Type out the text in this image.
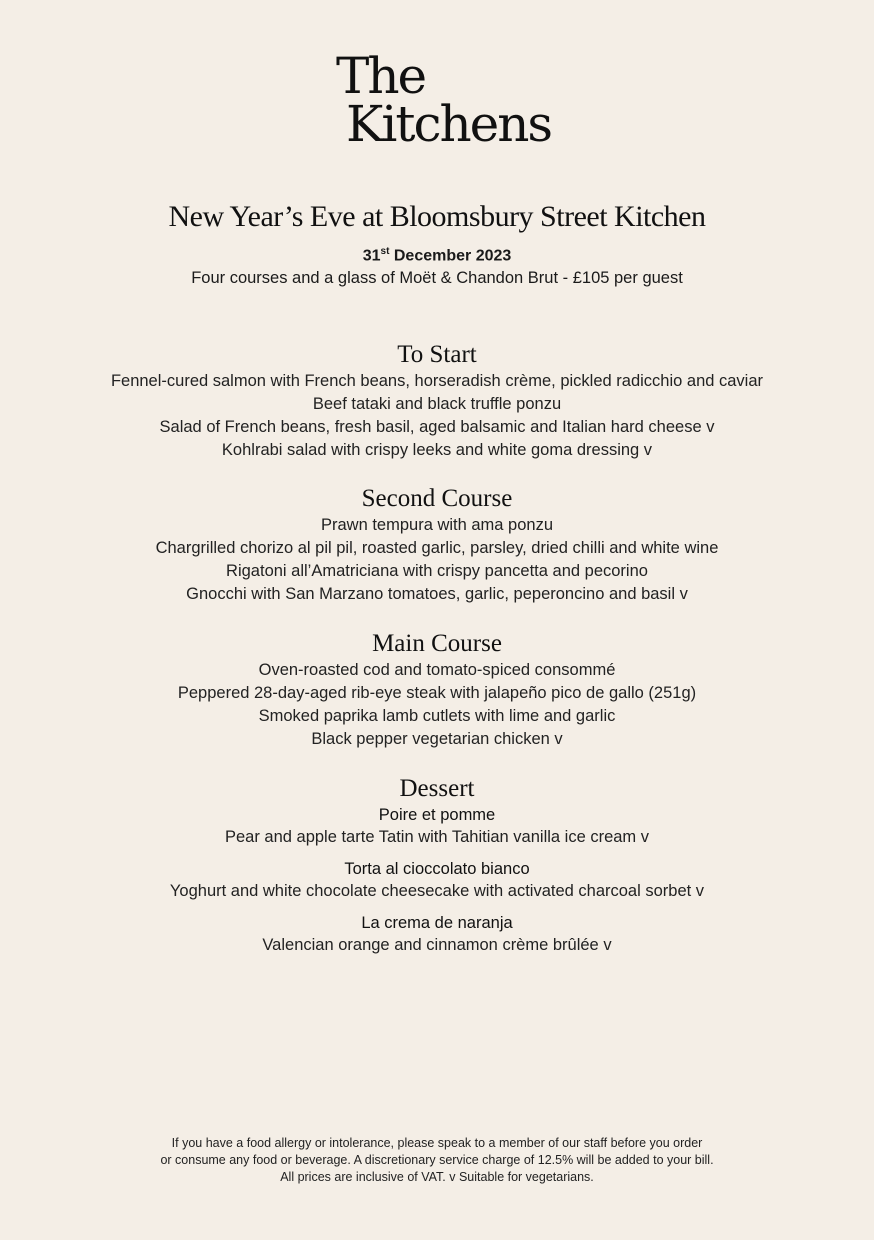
The
Kitchens
New Year’s Eve at Bloomsbury Street Kitchen
31st December 2023
Four courses and a glass of Moët & Chandon Brut - £105 per guest
To Start
Fennel-cured salmon with French beans, horseradish crème, pickled radicchio and caviar
Beef tataki and black truffle ponzu
Salad of French beans, fresh basil, aged balsamic and Italian hard cheese v
Kohlrabi salad with crispy leeks and white goma dressing v
Second Course
Prawn tempura with ama ponzu
Chargrilled chorizo al pil pil, roasted garlic, parsley, dried chilli and white wine
Rigatoni all’Amatriciana with crispy pancetta and pecorino
Gnocchi with San Marzano tomatoes, garlic, peperoncino and basil v
Main Course
Oven-roasted cod and tomato-spiced consommé
Peppered 28-day-aged rib-eye steak with jalapeño pico de gallo (251g)
Smoked paprika lamb cutlets with lime and garlic
Black pepper vegetarian chicken v
Dessert
Poire et pomme
Pear and apple tarte Tatin with Tahitian vanilla ice cream v
Torta al cioccolato bianco
Yoghurt and white chocolate cheesecake with activated charcoal sorbet v
La crema de naranja
Valencian orange and cinnamon crème brûlée v
If you have a food allergy or intolerance, please speak to a member of our staff before you order
or consume any food or beverage. A discretionary service charge of 12.5% will be added to your bill.
All prices are inclusive of VAT. v Suitable for vegetarians.
